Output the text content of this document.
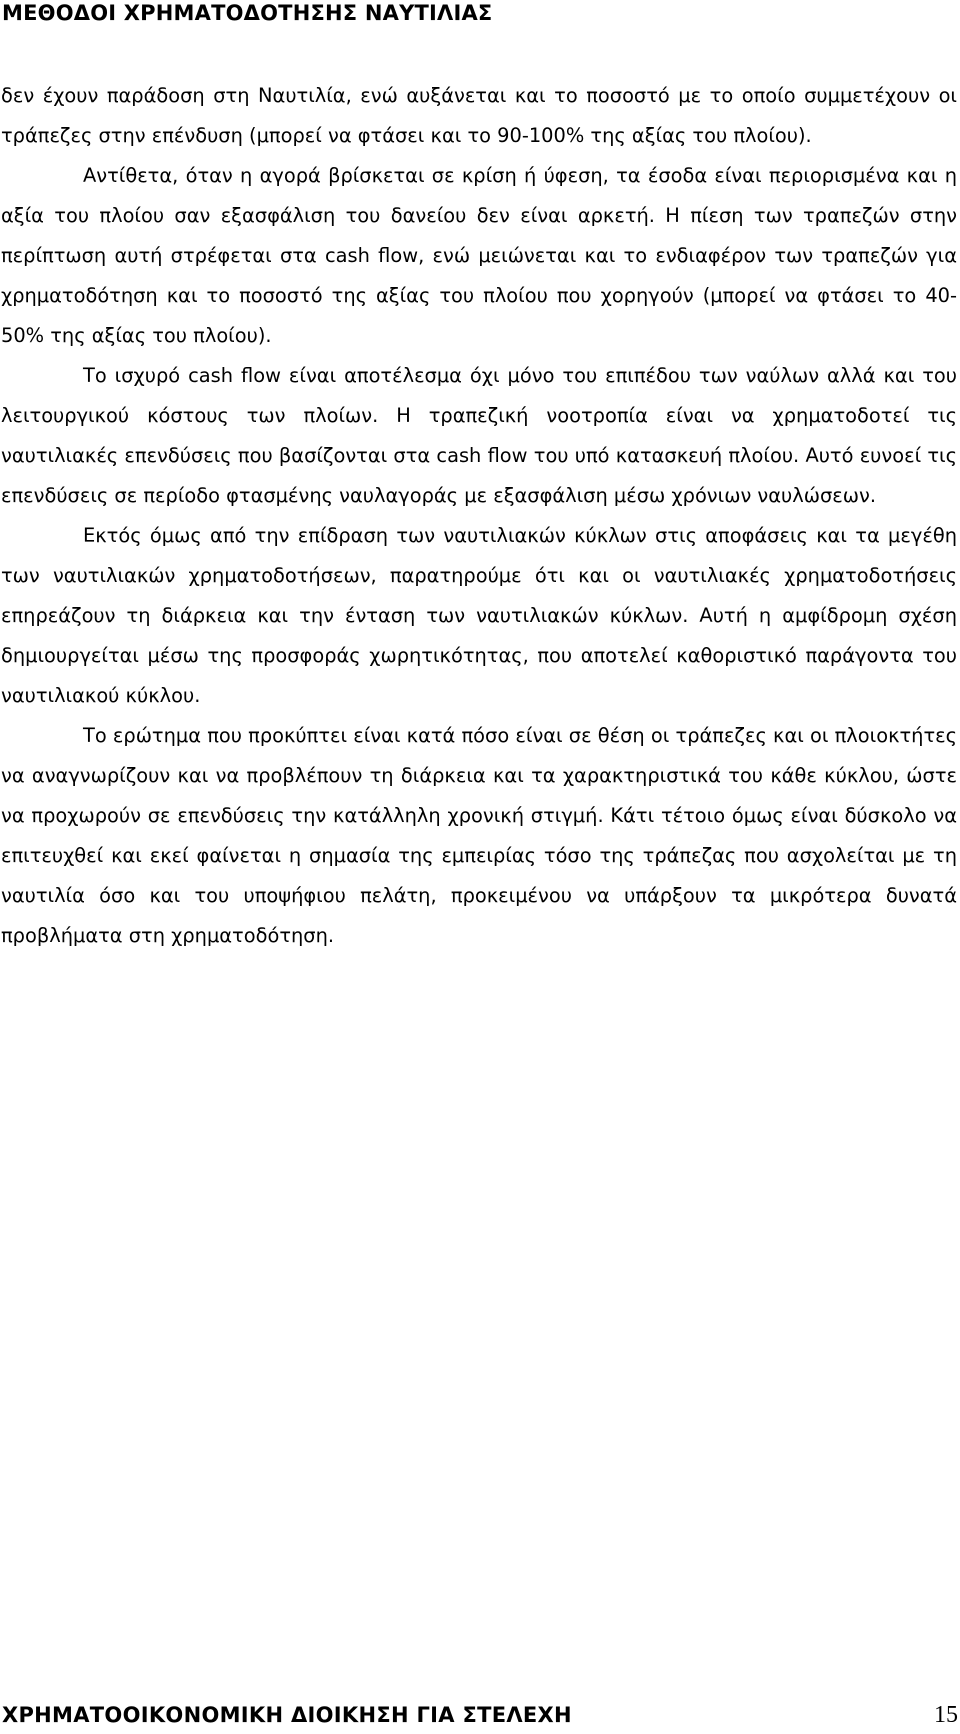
ΜΕΘΟΔΟΙ ΧΡΗΜΑΤΟΔΟΤΗΣΗΣ ΝΑΥΤΙΛΙΑΣ

δεν έχουν παράδοση στη Ναυτιλία, ενώ αυξάνεται και το ποσοστό με το οποίο συμμετέχουν οι τράπεζες στην επένδυση (μπορεί να φτάσει και το 90-100% της αξίας του πλοίου).

Αντίθετα, όταν η αγορά βρίσκεται σε κρίση ή ύφεση, τα έσοδα είναι περιορισμένα και η αξία του πλοίου σαν εξασφάλιση του δανείου δεν είναι αρκετή. Η πίεση των τραπεζών στην περίπτωση αυτή στρέφεται στα cash flow, ενώ μειώνεται και το ενδιαφέρον των τραπεζών για χρηματοδότηση και το ποσοστό της αξίας του πλοίου που χορηγούν (μπορεί να φτάσει το 40-50% της αξίας του πλοίου).

Το ισχυρό cash flow είναι αποτέλεσμα όχι μόνο του επιπέδου των ναύλων αλλά και του λειτουργικού κόστους των πλοίων. Η τραπεζική νοοτροπία είναι να χρηματοδοτεί τις ναυτιλιακές επενδύσεις που βασίζονται στα cash flow του υπό κατασκευή πλοίου. Αυτό ευνοεί τις επενδύσεις σε περίοδο φτασμένης ναυλαγοράς με εξασφάλιση μέσω χρόνιων ναυλώσεων.

Εκτός όμως από την επίδραση των ναυτιλιακών κύκλων στις αποφάσεις και τα μεγέθη των ναυτιλιακών χρηματοδοτήσεων, παρατηρούμε ότι και οι ναυτιλιακές χρηματοδοτήσεις επηρεάζουν τη διάρκεια και την ένταση των ναυτιλιακών κύκλων. Αυτή η αμφίδρομη σχέση δημιουργείται μέσω της προσφοράς χωρητικότητας, που αποτελεί καθοριστικό παράγοντα του ναυτιλιακού κύκλου.

Το ερώτημα που προκύπτει είναι κατά πόσο είναι σε θέση οι τράπεζες και οι πλοιοκτήτες να αναγνωρίζουν και να προβλέπουν τη διάρκεια και τα χαρακτηριστικά του κάθε κύκλου, ώστε να προχωρούν σε επενδύσεις την κατάλληλη χρονική στιγμή. Κάτι τέτοιο όμως είναι δύσκολο να επιτευχθεί και εκεί φαίνεται η σημασία της εμπειρίας τόσο της τράπεζας που ασχολείται με τη ναυτιλία όσο και του υποψήφιου πελάτη, προκειμένου να υπάρξουν τα μικρότερα δυνατά προβλήματα στη χρηματοδότηση.

ΧΡΗΜΑΤΟΟΙΚΟΝΟΜΙΚΗ ΔΙΟΙΚΗΣΗ ΓΙΑ ΣΤΕΛΕΧΗ	15
